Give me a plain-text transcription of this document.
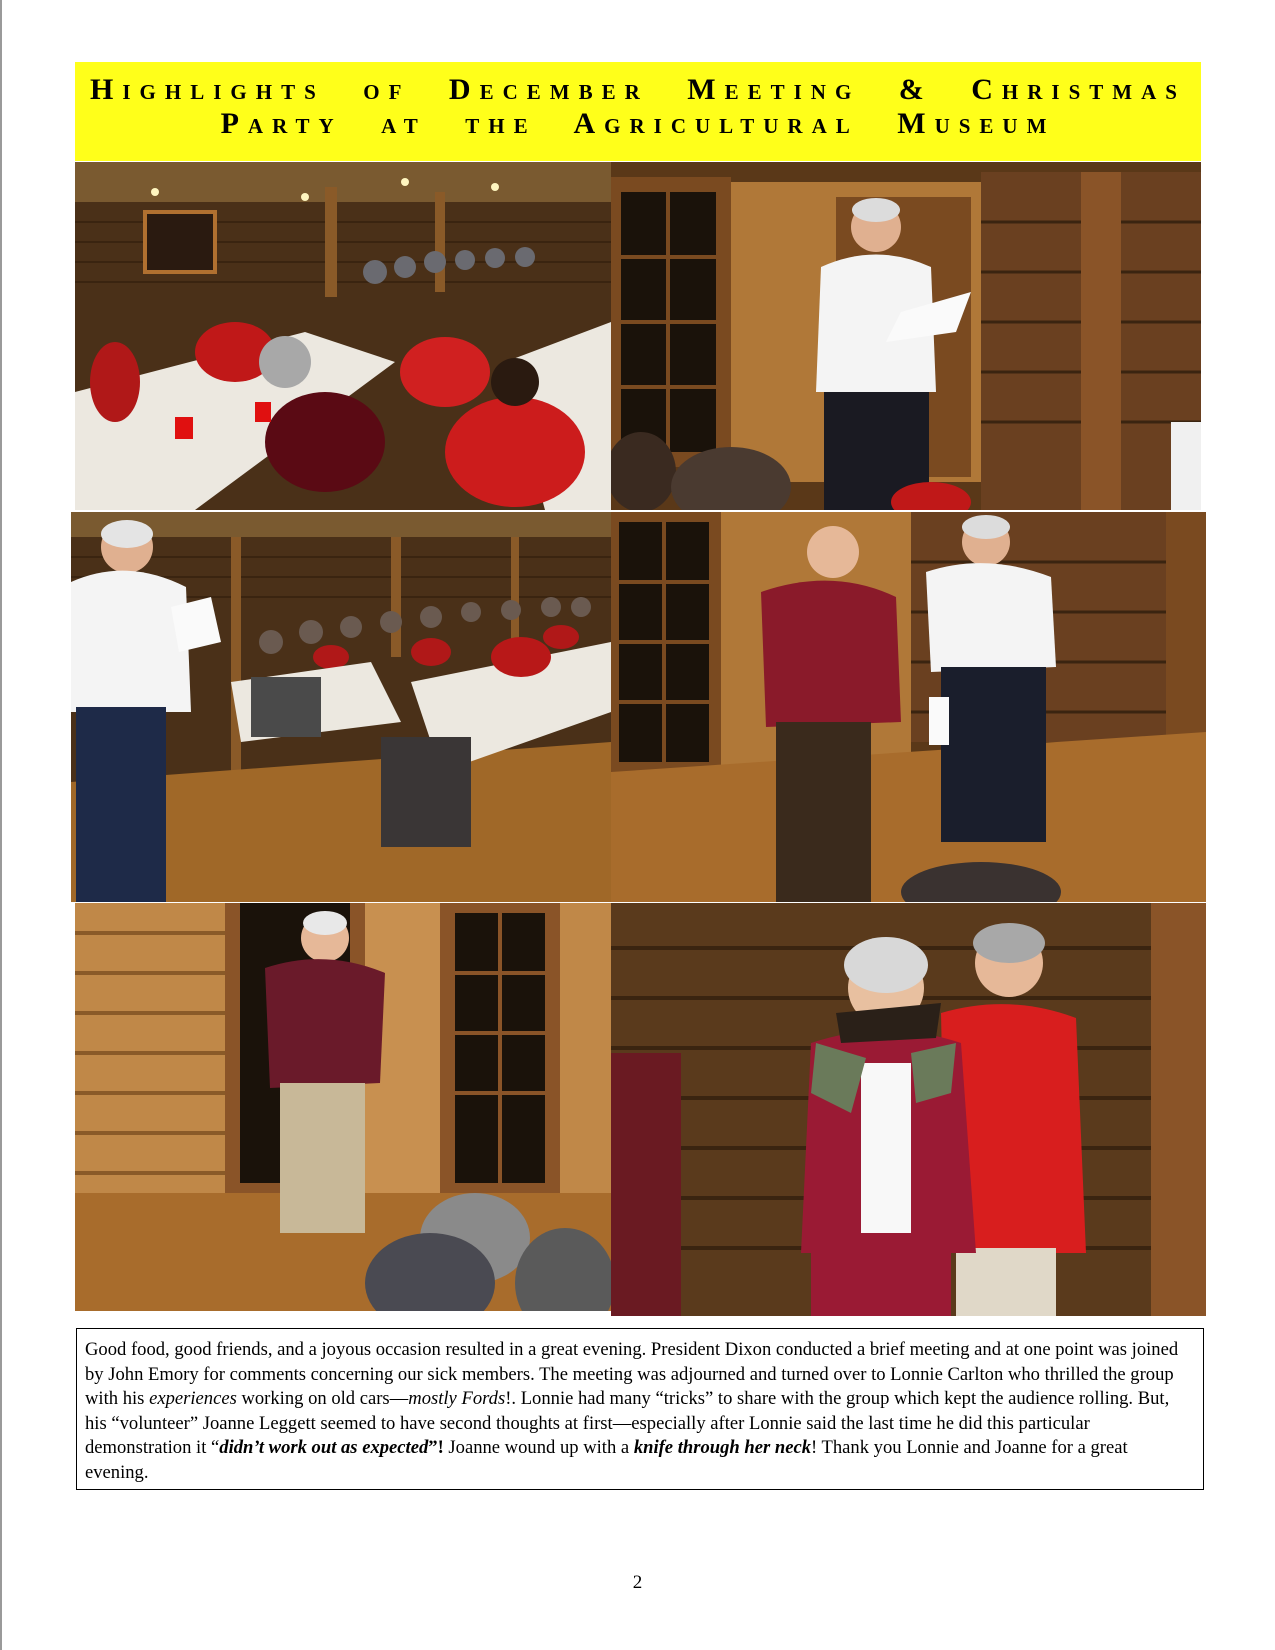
Highlights of December Meeting & Christmas
Party at the Agricultural Museum
Good food, good friends, and a joyous occasion resulted in a great evening. President Dixon conducted a brief meeting and at one point was joined by John Emory for comments concerning our sick members. The meeting was adjourned and turned over to Lonnie Carlton who thrilled the group with his experiences working on old cars—mostly Fords!. Lonnie had many “tricks” to share with the group which kept the audience rolling. But, his “volunteer” Joanne Leggett seemed to have second thoughts at first—especially after Lonnie said the last time he did this particular demonstration it “didn’t work out as expected”! Joanne wound up with a knife through her neck! Thank you Lonnie and Joanne for a great evening.
2
